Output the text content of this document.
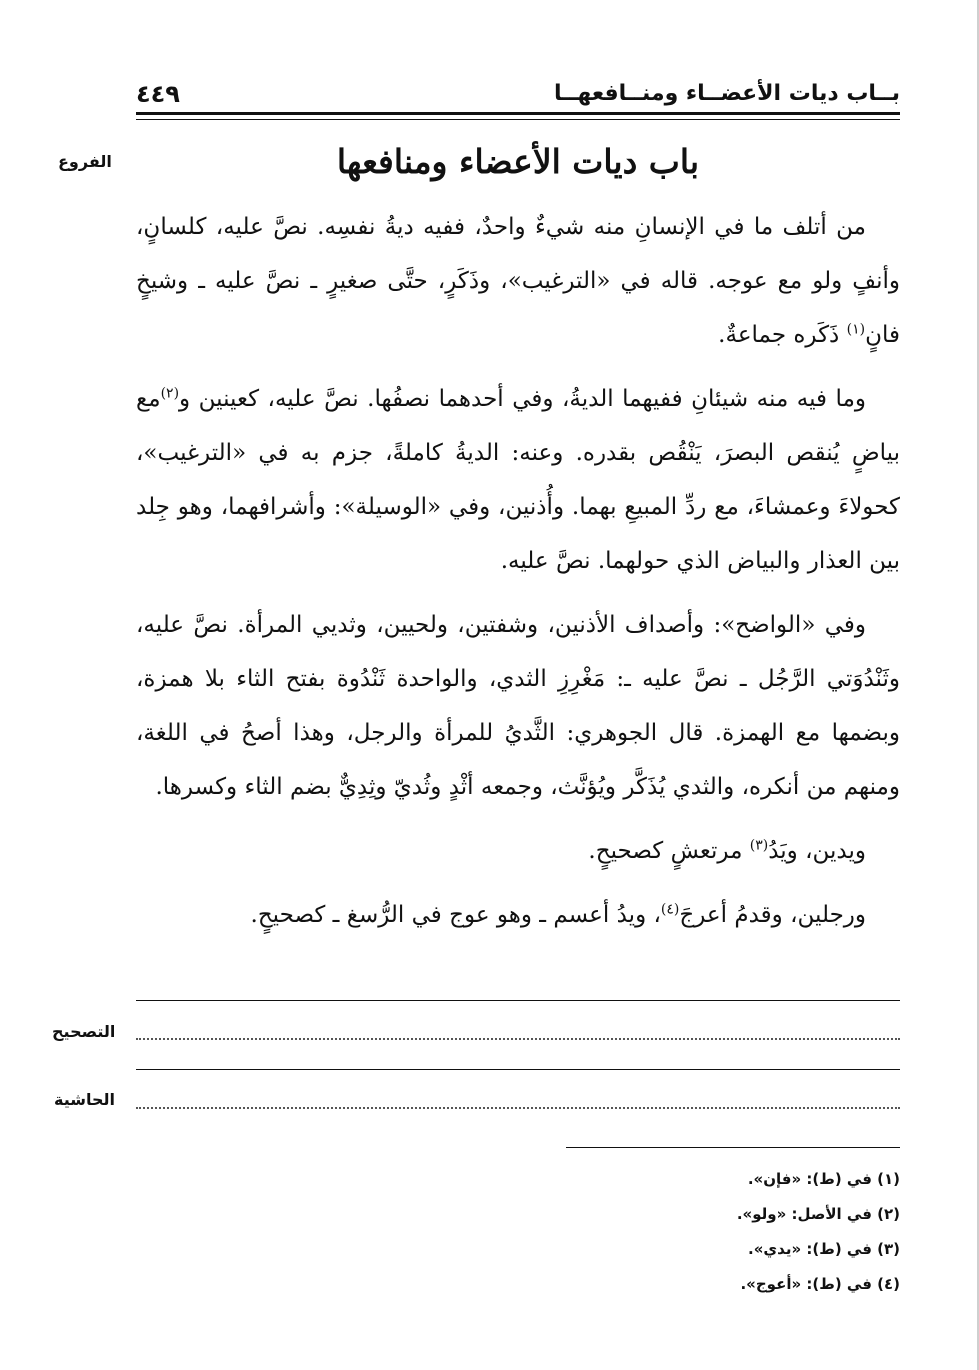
بــاب ديات الأعضــاء ومنــافعهــا
٤٤٩
الفروع	باب ديات الأعضاء ومنافعها

من أتلف ما في الإنسانِ منه شيءٌ واحدٌ، ففيه ديةُ نفسِه. نصَّ عليه، كلسانٍ، وأنفٍ ولو مع عوجه. قاله في «الترغيب»، وذَكَرٍ، حتَّى صغيرٍ ـ نصَّ عليه ـ وشيخٍ فانٍ$^{(١)}$ ذَكَره جماعةٌ.

وما فيه منه شيئانِ ففيهما الديةُ، وفي أحدهما نصفُها. نصَّ عليه، كعينين و$^{(٢)}$مع بياضٍ يُنقص البصرَ، يَنْقُص بقدره. وعنه: الديةُ كاملةً، جزم به في «الترغيب»، كحولاءَ وعمشاءَ، مع ردِّ المبيعِ بهما. وأُذنين، وفي «الوسيلة»: وأشرافهما، وهو جِلد بين العذار والبياض الذي حولهما. نصَّ عليه.

وفي «الواضح»: وأصداف الأذنين، وشفتين، ولحيين، وثديي المرأة. نصَّ عليه، وثَنْدُوَتي الرَّجُل ـ نصَّ عليه ـ: مَغْرِزِ الثدي، والواحدة ثَنْدُوة بفتح الثاء بلا همزة، وبضمها مع الهمزة. قال الجوهري: الثَّديُ للمرأة والرجل، وهذا أصحُ في اللغة، ومنهم من أنكره، والثدي يُذَكَّر ويُؤنَّث، وجمعه أثْدٍ وثُديّ وثِدِيٌّ بضم الثاء وكسرها.

ويدين، ويَدُ$^{(٣)}$ مرتعشٍ كصحيحٍ.

ورجلين، وقدمُ أعرجَ$^{(٤)}$، ويدُ أعسم ـ وهو عوج في الرُّسغ ـ كصحيحٍ.

التصحيح
الحاشية

(١) في (ط): «فإن».

(٢) في الأصل: «ولو».

(٣) في (ط): «يدي».

(٤) في (ط): «أعوج».
